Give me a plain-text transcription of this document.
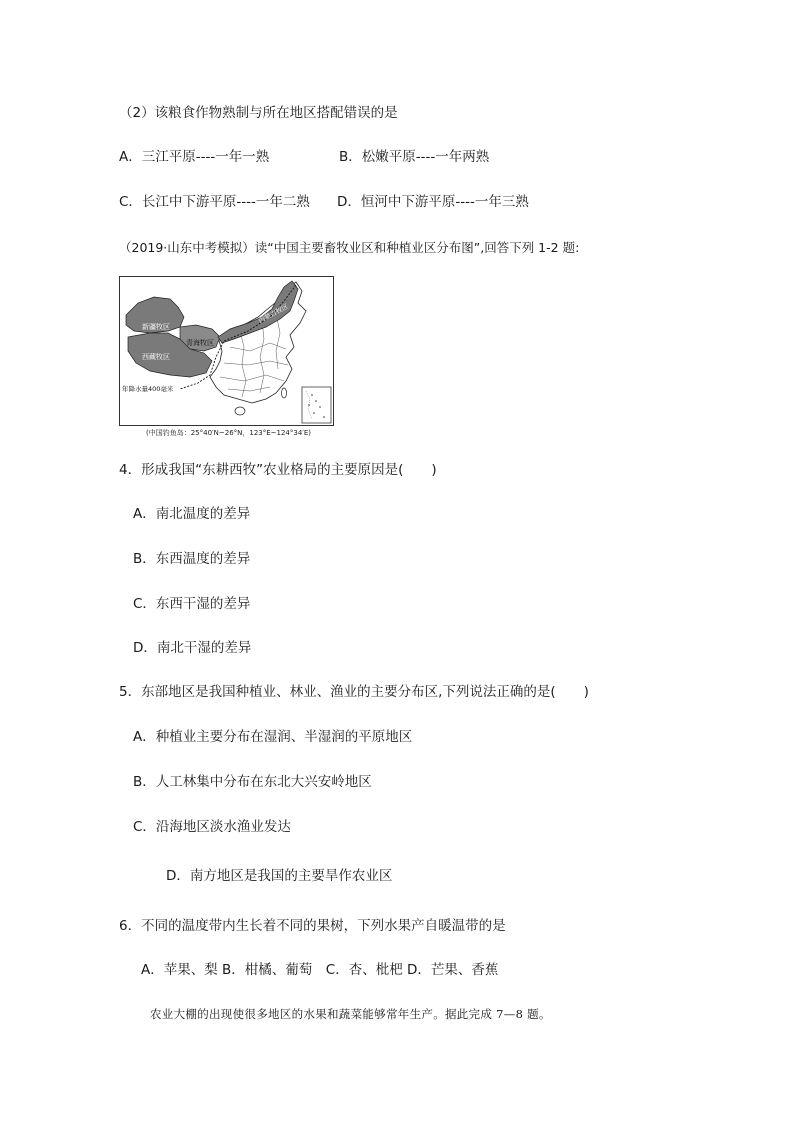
（2）该粮食作物熟制与所在地区搭配错误的是
A．三江平原----一年一熟	B．松嫩平原----一年两熟
C．长江中下游平原----一年二熟 D．恒河中下游平原----一年三熟
（2019·山东中考模拟）读“中国主要畜牧业区和种植业区分布图”,回答下列 1-2 题:
新疆牧区
青海牧区
西藏牧区
内蒙古牧区
年降水量400毫米
(中国钓鱼岛：25°40′N~26°N，123°E~124°34′E)
4．形成我国“东耕西牧”农业格局的主要原因是( )
A．南北温度的差异
B．东西温度的差异
C．东西干湿的差异
D．南北干湿的差异
5．东部地区是我国种植业、林业、渔业的主要分布区,下列说法正确的是( )
A．种植业主要分布在湿润、半湿润的平原地区
B．人工林集中分布在东北大兴安岭地区
C．沿海地区淡水渔业发达
D．南方地区是我国的主要旱作农业区
6．不同的温度带内生长着不同的果树，下列水果产自暖温带的是
A．苹果、梨 B．柑橘、葡萄　C．杏、枇杷 D．芒果、香蕉
农业大棚的出现使很多地区的水果和蔬菜能够常年生产。据此完成 7—8 题。
